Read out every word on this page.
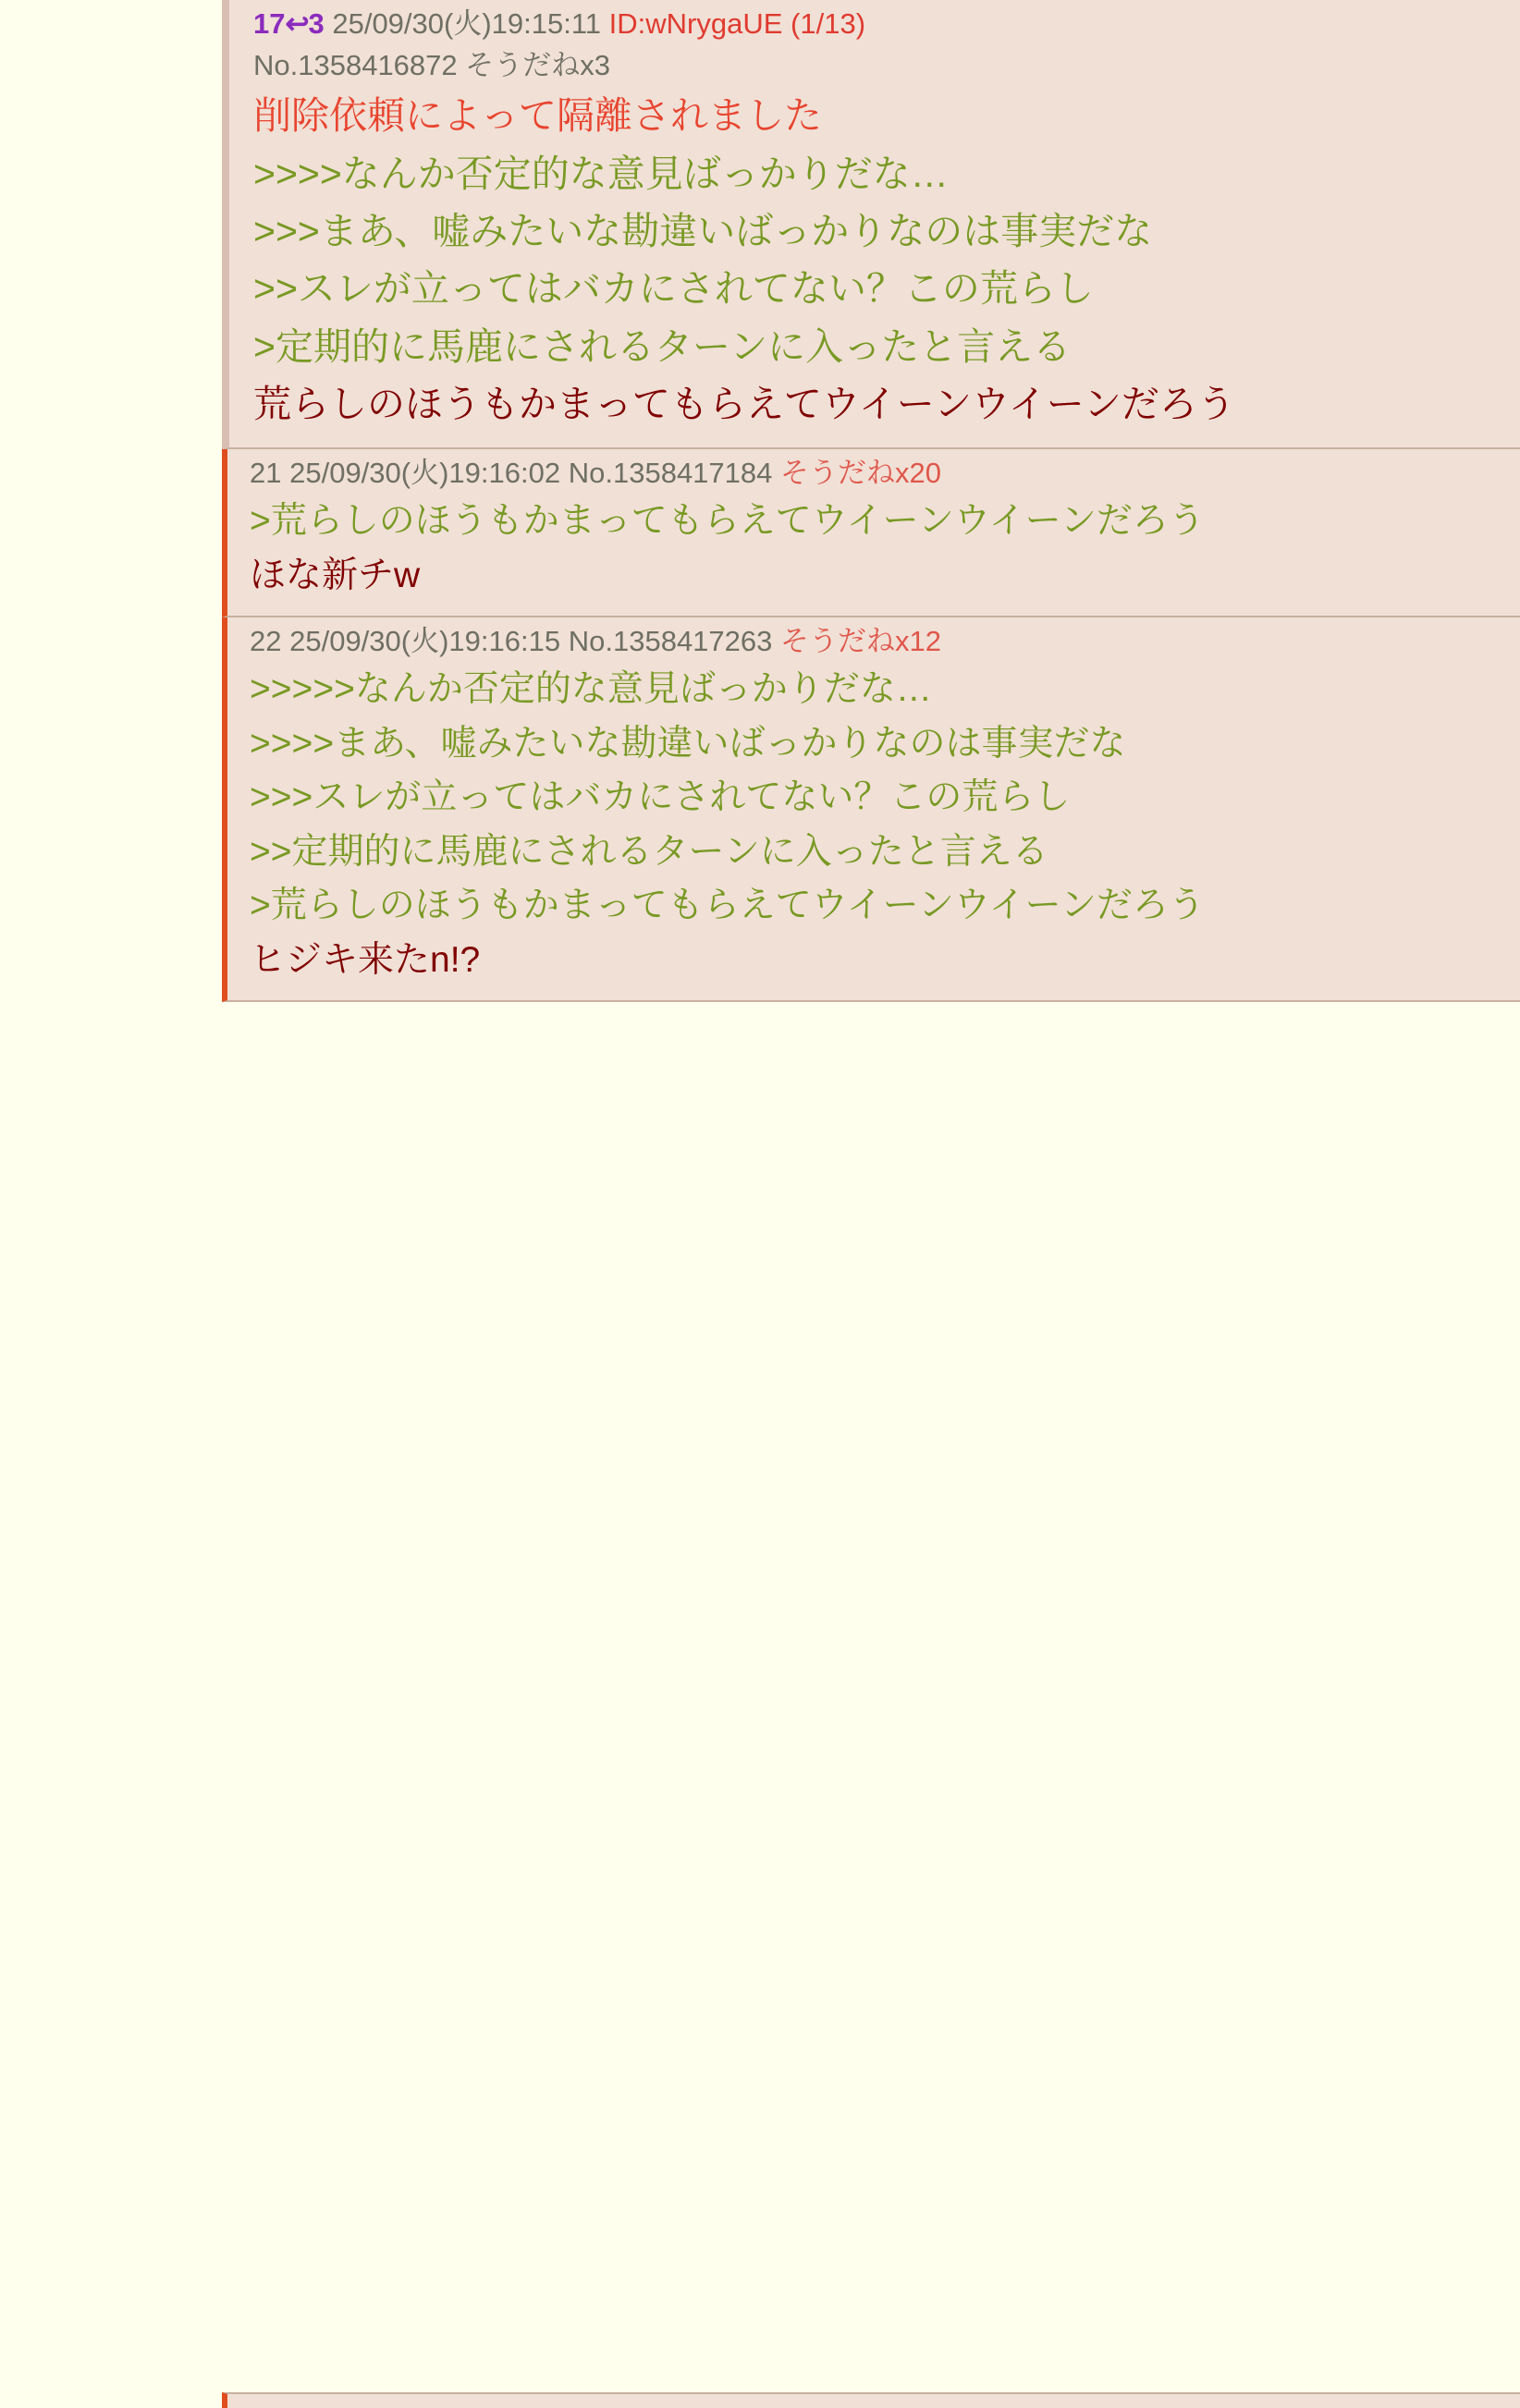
17↩3 25/09/30(火)19:15:11 ID:wNrygaUE (1/13)
No.1358416872 そうだねx3
削除依頼によって隔離されました
>>>>なんか否定的な意見ばっかりだな…
>>>まあ、嘘みたいな勘違いばっかりなのは事実だな
>>スレが立ってはバカにされてない？この荒らし
>定期的に馬鹿にされるターンに入ったと言える
荒らしのほうもかまってもらえてウイーンウイーンだろう
21 25/09/30(火)19:16:02 No.1358417184 そうだねx20
>荒らしのほうもかまってもらえてウイーンウイーンだろう
ほな新チw
22 25/09/30(火)19:16:15 No.1358417263 そうだねx12
>>>>>なんか否定的な意見ばっかりだな…
>>>>まあ、嘘みたいな勘違いばっかりなのは事実だな
>>>スレが立ってはバカにされてない？この荒らし
>>定期的に馬鹿にされるターンに入ったと言える
>荒らしのほうもかまってもらえてウイーンウイーンだろう
ヒジキ来たn!?
